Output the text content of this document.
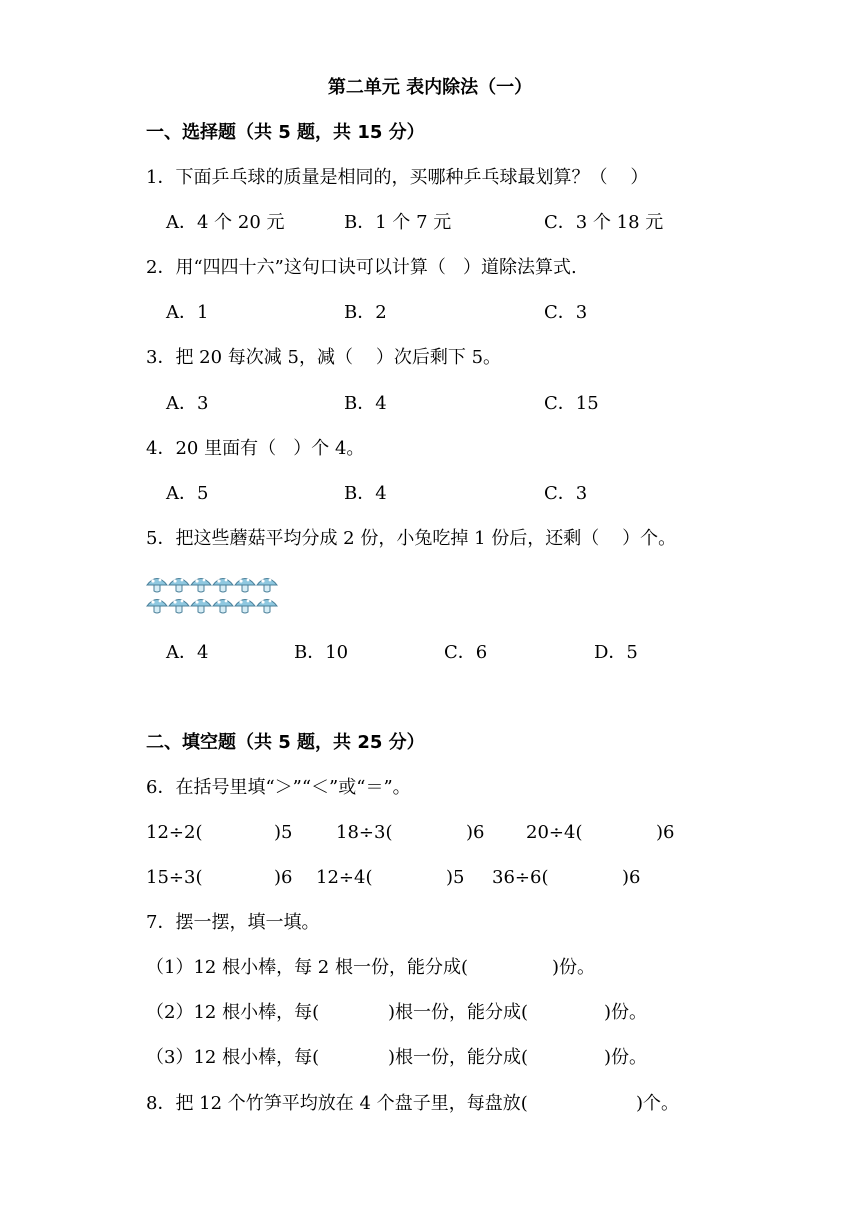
第二单元 表内除法（一）
一、选择题（共 5 题，共 15 分）
1．下面乒乓球的质量是相同的，买哪种乒乓球最划算？（    ）
A．4 个 20 元	B．1 个 7 元	C．3 个 18 元
2．用“四四十六”这句口诀可以计算（   ）道除法算式.
A．1	B．2	C．3
3．把 20 每次减 5，减（    ）次后剩下 5。
A．3	B．4	C．15
4．20 里面有（   ）个 4。
A．5	B．4	C．3
5．把这些蘑菇平均分成 2 份，小兔吃掉 1 份后，还剩（    ）个。
A．4	B．10	C．6	D．5
二、填空题（共 5 题，共 25 分）
6．在括号里填“＞”“＜”或“＝”。
12÷2(	)5 18÷3(	)6 20÷4(	)6
15÷3(	)6 12÷4(	)5 36÷6(	)6
7．摆一摆，填一填。
（1）12 根小棒，每 2 根一份，能分成(	)份。
（2）12 根小棒，每(	)根一份，能分成(	)份。
（3）12 根小棒，每(	)根一份，能分成(	)份。
8．把 12 个竹笋平均放在 4 个盘子里，每盘放(	)个。
